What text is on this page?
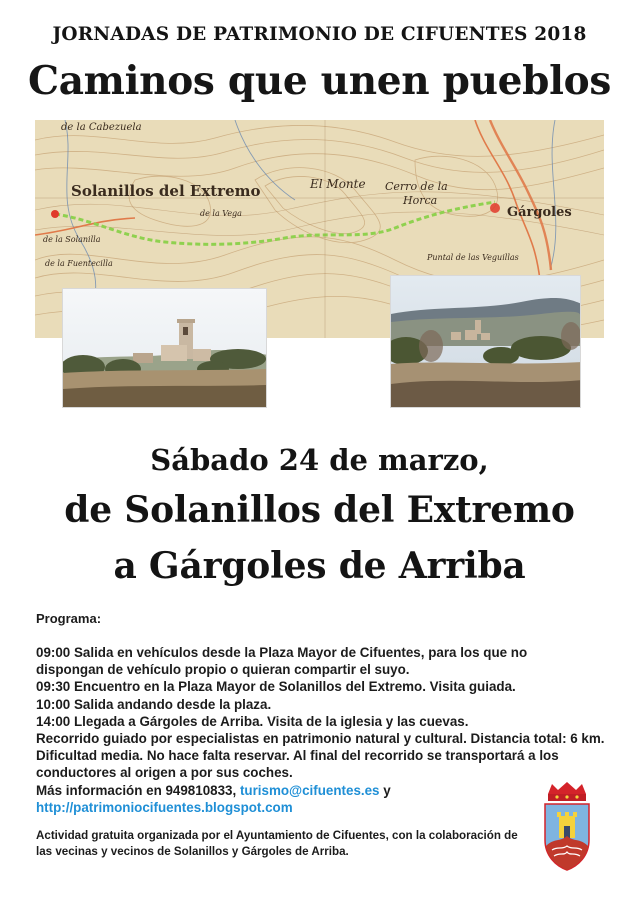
JORNADAS DE PATRIMONIO DE CIFUENTES 2018
Caminos que unen pueblos
de la Cabezuela
Solanillos del Extremo	El Monte Cerro de la
Horca
Gárgoles
de la Vega
de la Solanilla
de la Fuentecilla
Puntal de las Veguillas
Sábado 24 de marzo,
de Solanillos del Extremo
a Gárgoles de Arriba
Programa:
09:00 Salida en vehículos desde la Plaza Mayor de Cifuentes, para los que no
dispongan de vehículo propio o quieran compartir el suyo.
09:30 Encuentro en la Plaza Mayor de Solanillos del Extremo. Visita guiada.
10:00 Salida andando desde la plaza.
14:00 Llegada a Gárgoles de Arriba. Visita de la iglesia y las cuevas.
Recorrido guiado por especialistas en patrimonio natural y cultural. Distancia total: 6 km. Dificultad media. No hace falta reservar. Al final del recorrido se transportará a los conductores al origen a por sus coches.
Más información en 949810833, turismo@cifuentes.es y
http://patrimoniocifuentes.blogspot.com
Actividad gratuita organizada por el Ayuntamiento de Cifuentes, con la colaboración de las vecinas y vecinos de Solanillos y Gárgoles de Arriba.
